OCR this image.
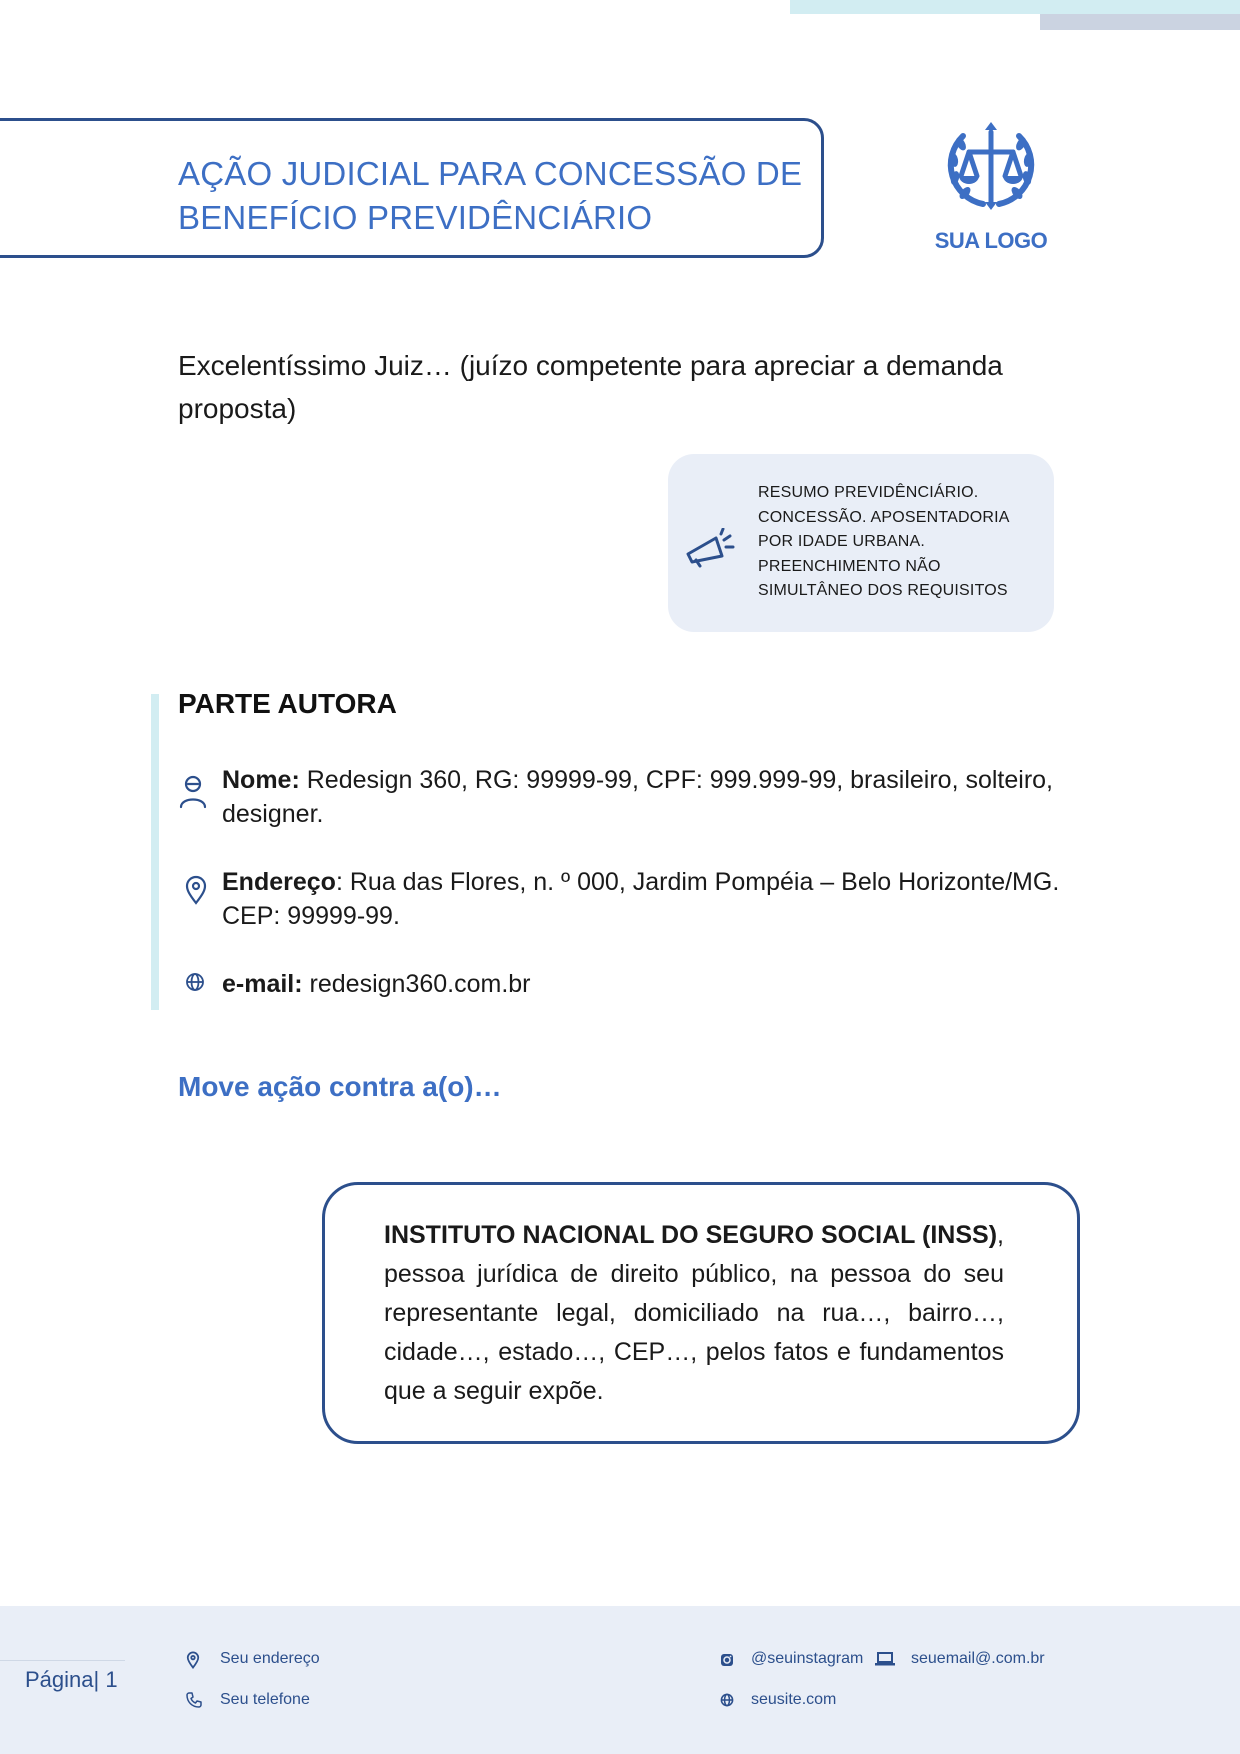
AÇÃO JUDICIAL PARA CONCESSÃO DE
BENEFÍCIO PREVIDÊNCIÁRIO
SUA LOGO

Excelentíssimo Juiz… (juízo competente para apreciar a demanda proposta)

RESUMO PREVIDÊNCIÁRIO.
CONCESSÃO. APOSENTADORIA
POR IDADE URBANA.
PREENCHIMENTO NÃO
SIMULTÂNEO DOS REQUISITOS
PARTE AUTORA
Nome: Redesign 360, RG: 99999-99, CPF: 999.999-99, brasileiro, solteiro, designer.
Endereço: Rua das Flores, n. º 000, Jardim Pompéia – Belo Horizonte/MG. CEP: 99999-99.
e-mail: redesign360.com.br
Move ação contra a(o)…

INSTITUTO NACIONAL DO SEGURO SOCIAL (INSS), pessoa jurídica de direito público, na pessoa do seu representante legal, domiciliado na rua…, bairro…, cidade…, estado…, CEP…, pelos fatos e fundamentos que a seguir expõe.

Página| 1
Seu endereço
Seu telefone
@seuinstagram	seuemail@.com.br
seusite.com
